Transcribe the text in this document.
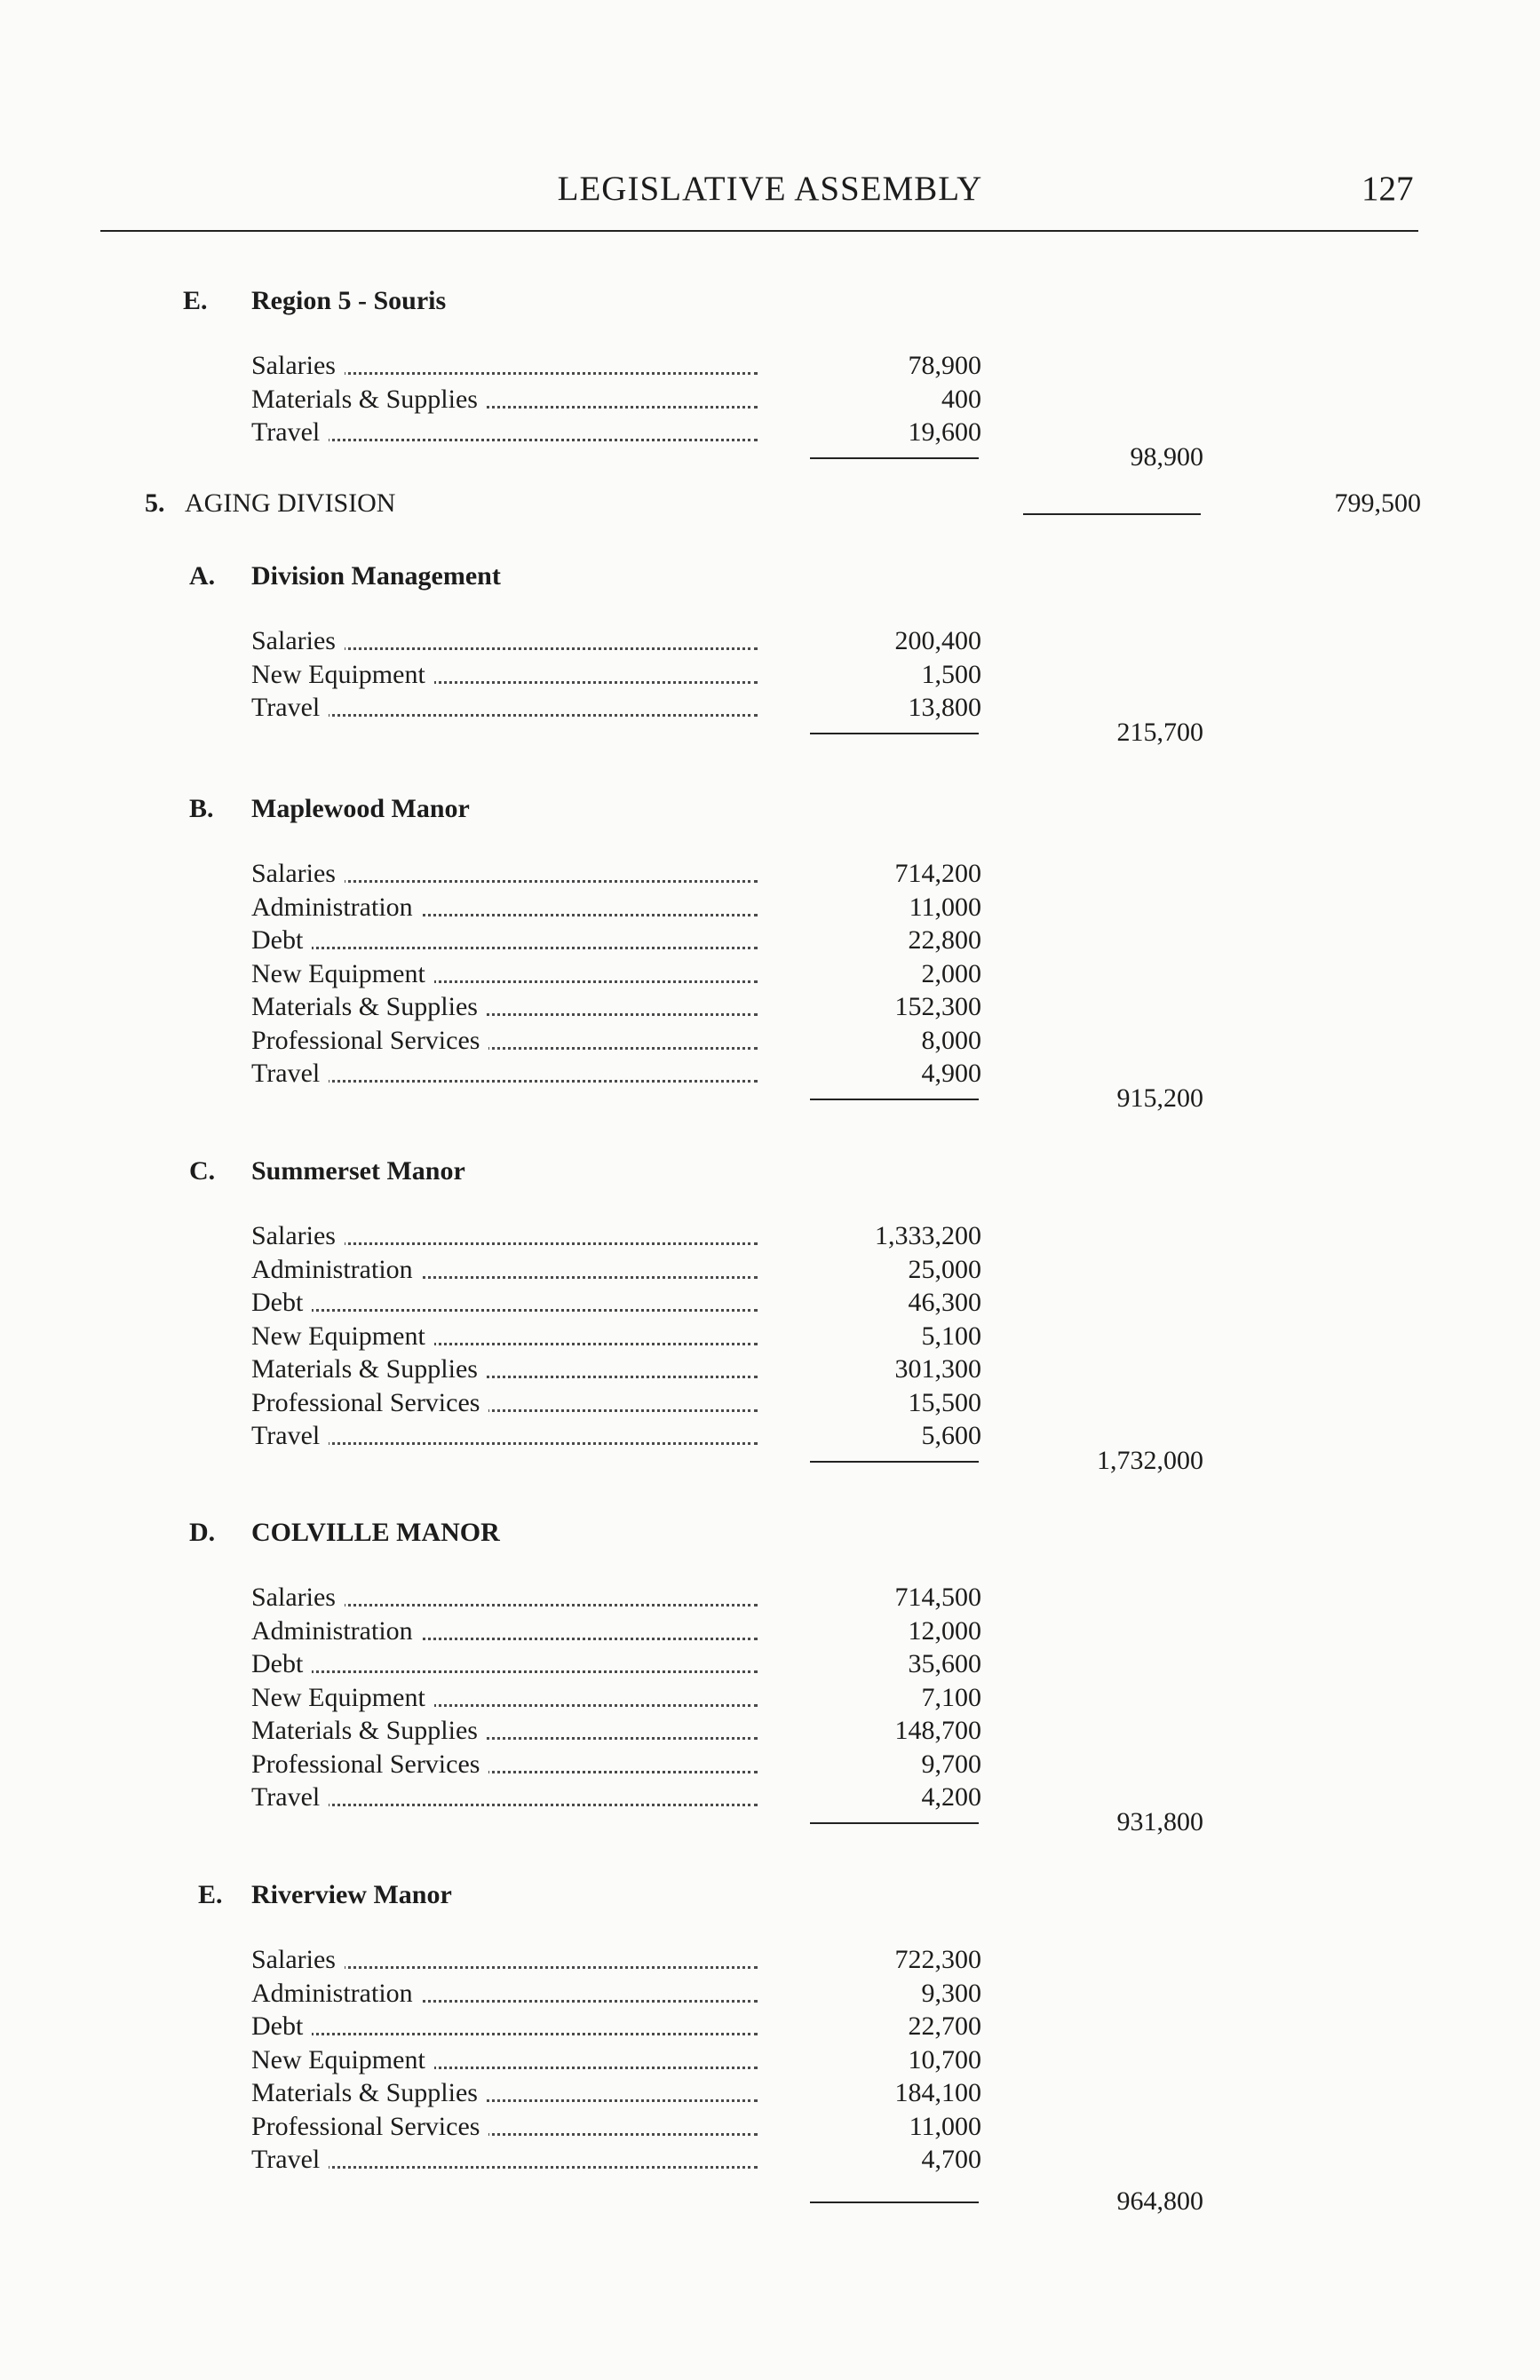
LEGISLATIVE ASSEMBLY	127
E. Region 5 - Souris
Salaries	78,900
Materials & Supplies	400
Travel	19,600
98,900
5. AGING DIVISION	799,500
A. Division Management
Salaries	200,400
New Equipment	1,500
Travel	13,800
215,700
B. Maplewood Manor
Salaries	714,200
Administration	11,000
Debt	22,800
New Equipment	2,000
Materials & Supplies	152,300
Professional Services	8,000
Travel	4,900
915,200
C. Summerset Manor
Salaries	1,333,200
Administration	25,000
Debt	46,300
New Equipment	5,100
Materials & Supplies	301,300
Professional Services	15,500
Travel	5,600
1,732,000
D. COLVILLE MANOR
Salaries	714,500
Administration	12,000
Debt	35,600
New Equipment	7,100
Materials & Supplies	148,700
Professional Services	9,700
Travel	4,200
931,800
E. Riverview Manor
Salaries	722,300
Administration	9,300
Debt	22,700
New Equipment	10,700
Materials & Supplies	184,100
Professional Services	11,000
Travel	4,700
964,800
